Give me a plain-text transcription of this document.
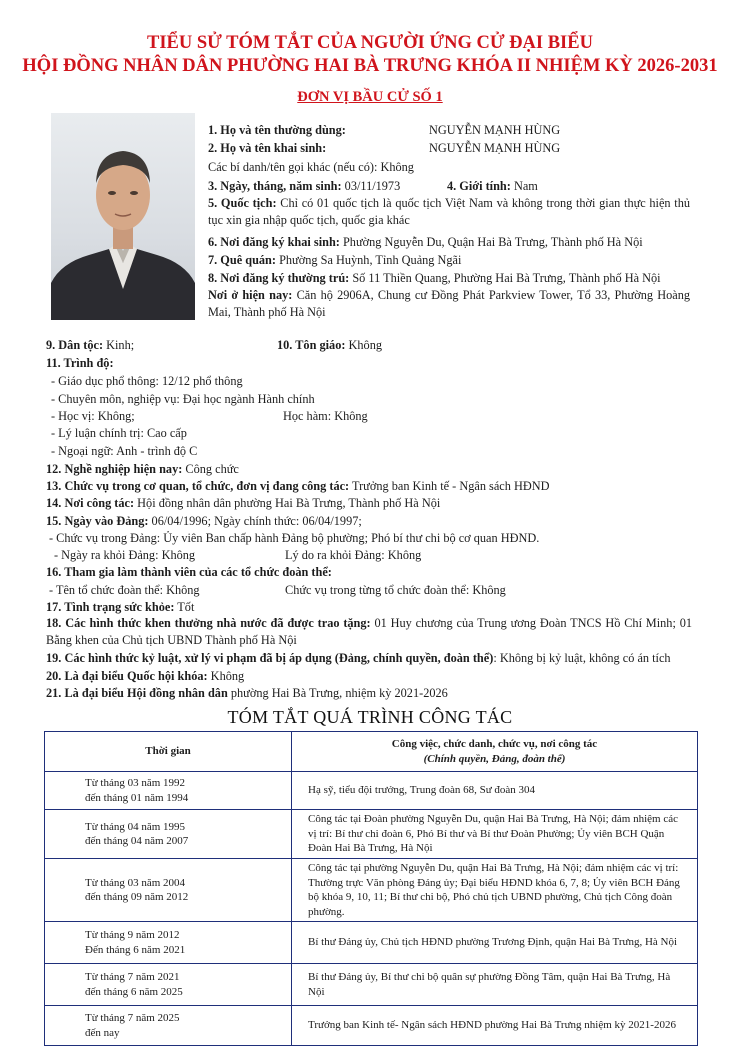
TIỂU SỬ TÓM TẮT CỦA NGƯỜI ỨNG CỬ ĐẠI BIỂU
HỘI ĐỒNG NHÂN DÂN PHƯỜNG HAI BÀ TRƯNG KHÓA II NHIỆM KỲ 2026-2031
ĐƠN VỊ BẦU CỬ SỐ 1
1. Họ và tên thường dùng:	NGUYỄN MẠNH HÙNG
2. Họ và tên khai sinh:	NGUYỄN MẠNH HÙNG
Các bí danh/tên gọi khác (nếu có): Không
3. Ngày, tháng, năm sinh: 03/11/1973	4. Giới tính: Nam
5. Quốc tịch: Chỉ có 01 quốc tịch là quốc tịch Việt Nam và không trong thời gian thực hiện thủ tục xin gia nhập quốc tịch, quốc gia khác
6. Nơi đăng ký khai sinh: Phường Nguyễn Du, Quận Hai Bà Trưng, Thành phố Hà Nội
7. Quê quán: Phường Sa Huỳnh, Tỉnh Quảng Ngãi
8. Nơi đăng ký thường trú: Số 11 Thiền Quang, Phường Hai Bà Trưng, Thành phố Hà Nội
Nơi ở hiện nay: Căn hộ 2906A, Chung cư Đồng Phát Parkview Tower, Tổ 33, Phường Hoàng Mai, Thành phố Hà Nội
9. Dân tộc: Kinh;	10. Tôn giáo: Không
11. Trình độ:
- Giáo dục phổ thông: 12/12 phổ thông
- Chuyên môn, nghiệp vụ: Đại học ngành Hành chính
- Học vị: Không;	Học hàm: Không
- Lý luận chính trị: Cao cấp
- Ngoại ngữ: Anh - trình độ C
12. Nghề nghiệp hiện nay: Công chức
13. Chức vụ trong cơ quan, tổ chức, đơn vị đang công tác: Trưởng ban Kinh tế - Ngân sách HĐND
14. Nơi công tác: Hội đồng nhân dân phường Hai Bà Trưng, Thành phố Hà Nội
15. Ngày vào Đảng: 06/04/1996; Ngày chính thức: 06/04/1997;
- Chức vụ trong Đảng: Ủy viên Ban chấp hành Đảng bộ phường; Phó bí thư chi bộ cơ quan HĐND.
- Ngày ra khỏi Đảng: Không	Lý do ra khỏi Đảng: Không
16. Tham gia làm thành viên của các tổ chức đoàn thể:
- Tên tổ chức đoàn thể: Không	Chức vụ trong từng tổ chức đoàn thể: Không
17. Tình trạng sức khỏe: Tốt
18. Các hình thức khen thưởng nhà nước đã được trao tặng: 01 Huy chương của Trung ương Đoàn TNCS Hồ Chí Minh; 01 Bằng khen của Chủ tịch UBND Thành phố Hà Nội
19. Các hình thức kỷ luật, xử lý vi phạm đã bị áp dụng (Đảng, chính quyền, đoàn thể): Không bị kỷ luật, không có án tích
20. Là đại biểu Quốc hội khóa: Không
21. Là đại biểu Hội đồng nhân dân phường Hai Bà Trưng, nhiệm kỳ 2021-2026
TÓM TẮT QUÁ TRÌNH CÔNG TÁC
Thời gian	Công việc, chức danh, chức vụ, nơi công tác
(Chính quyền, Đảng, đoàn thể)

Từ tháng 03 năm 1992
đến tháng 01 năm 1994	Hạ sỹ, tiểu đội trưởng, Trung đoàn 68, Sư đoàn 304

Từ tháng 04 năm 1995
đến tháng 04 năm 2007	Công tác tại Đoàn phường Nguyễn Du, quận Hai Bà Trưng, Hà Nội; đảm nhiệm các vị trí: Bí thư chi đoàn 6, Phó Bí thư và Bí thư Đoàn Phường; Ủy viên BCH Quận Đoàn Hai Bà Trưng, Hà Nội

Từ tháng 03 năm 2004
đến tháng 09 năm 2012	Công tác tại phường Nguyễn Du, quận Hai Bà Trưng, Hà Nội; đảm nhiệm các vị trí: Thường trực Văn phòng Đảng ủy; Đại biểu HĐND khóa 6, 7, 8; Ủy viên BCH Đảng bộ khóa 9, 10, 11; Bí thư chi bộ, Phó chủ tịch UBND phường, Chủ tịch Công đoàn phường.

Từ tháng 9 năm 2012
Đến tháng 6 năm 2021	Bí thư Đảng ủy, Chủ tịch HĐND phường Trương Định, quận Hai Bà Trưng, Hà Nội

Từ tháng 7 năm 2021
đến tháng 6 năm 2025	Bí thư Đảng ủy, Bí thư chi bộ quân sự phường Đồng Tâm, quận Hai Bà Trưng, Hà Nội

Từ tháng 7 năm 2025
đến nay	Trưởng ban Kinh tế- Ngân sách HĐND phường Hai Bà Trưng nhiệm kỳ 2021-2026
